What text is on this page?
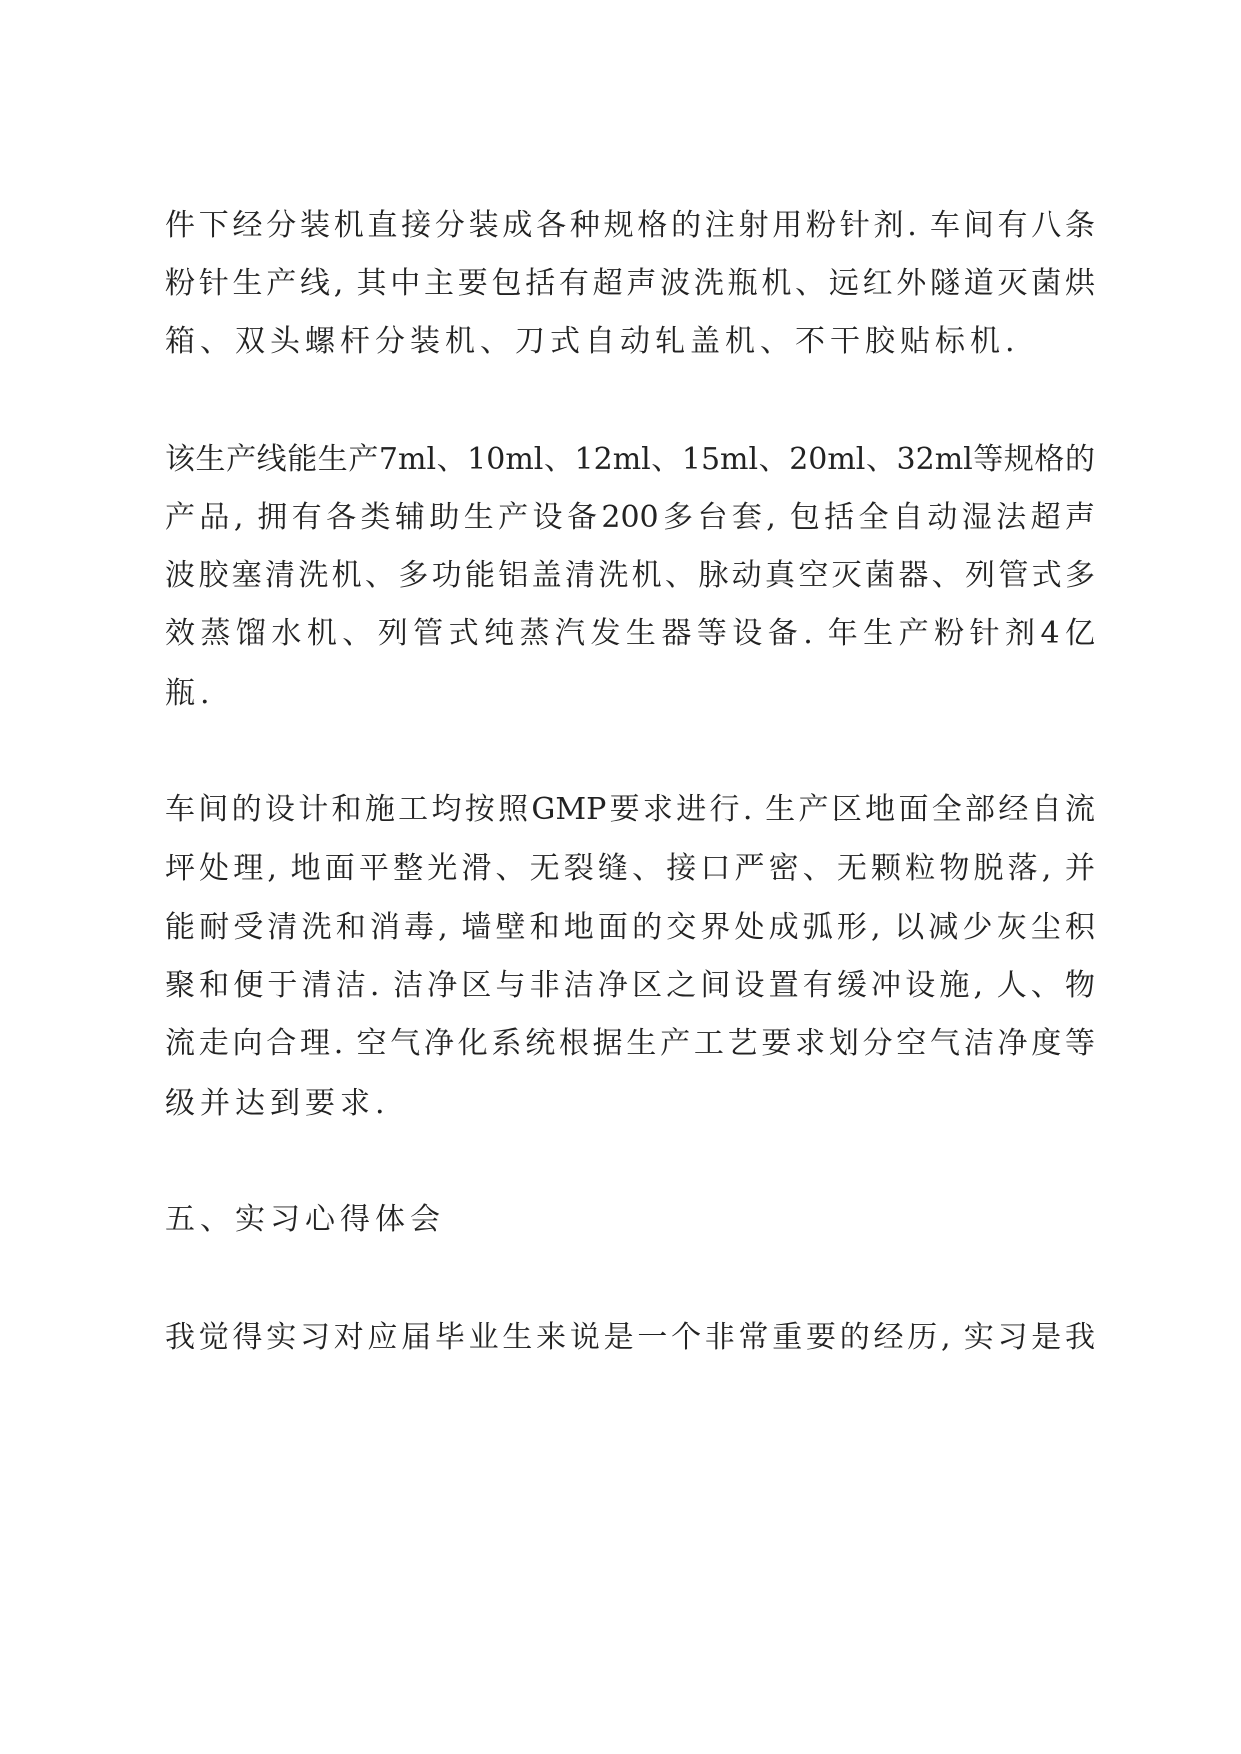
件下经分装机直接分装成各种规格的注射用粉针剂. 车间有八条
粉针生产线, 其中主要包括有超声波洗瓶机、远红外隧道灭菌烘
箱、双头螺杆分装机、刀式自动轧盖机、不干胶贴标机.
该生产线能生产7ml、10ml、12ml、15ml、20ml、32ml等规格的
产品, 拥有各类辅助生产设备200多台套, 包括全自动湿法超声
波胶塞清洗机、多功能铝盖清洗机、脉动真空灭菌器、列管式多
效蒸馏水机、列管式纯蒸汽发生器等设备. 年生产粉针剂4亿
瓶.
车间的设计和施工均按照GMP要求进行. 生产区地面全部经自流
坪处理, 地面平整光滑、无裂缝、接口严密、无颗粒物脱落, 并
能耐受清洗和消毒, 墙壁和地面的交界处成弧形, 以减少灰尘积
聚和便于清洁. 洁净区与非洁净区之间设置有缓冲设施, 人、物
流走向合理. 空气净化系统根据生产工艺要求划分空气洁净度等
级并达到要求.
五、实习心得体会
我觉得实习对应届毕业生来说是一个非常重要的经历, 实习是我
